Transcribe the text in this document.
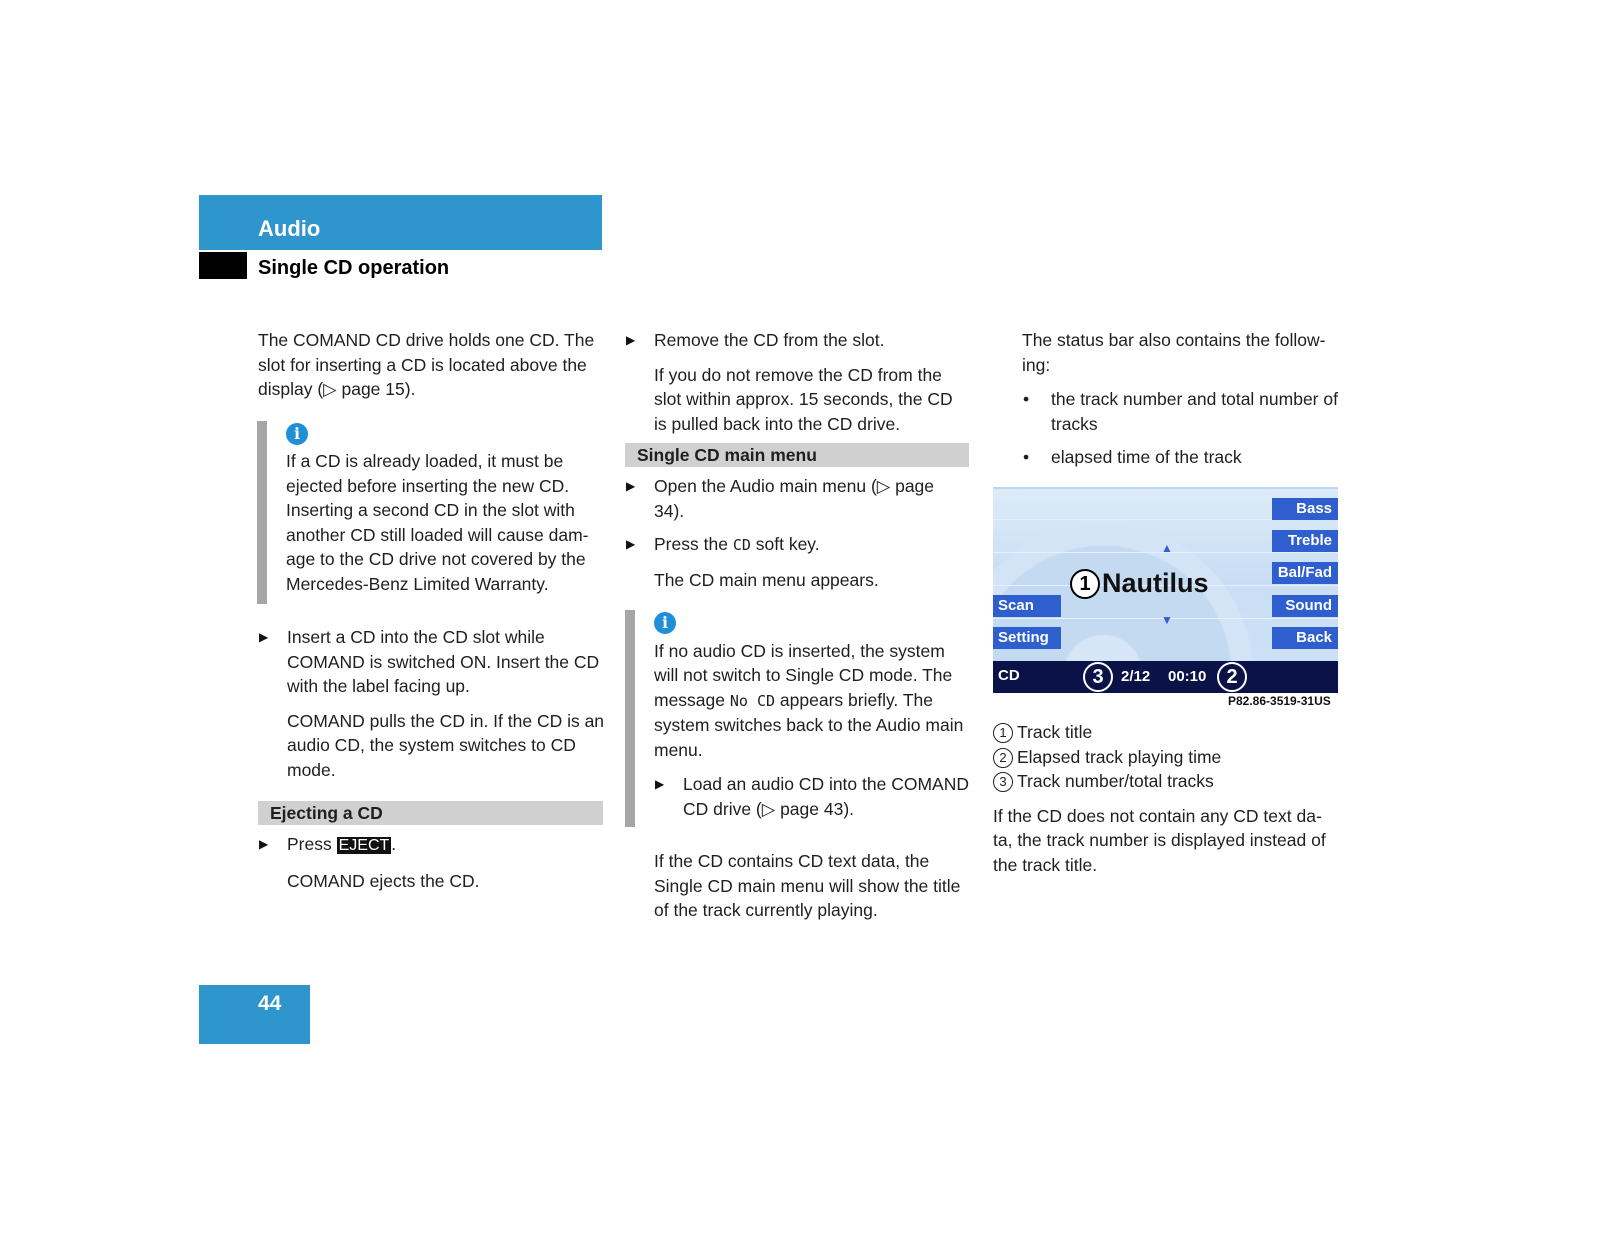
Audio
Single CD operation

The COMAND CD drive holds one CD. The slot for inserting a CD is located above the display (▷ page 15).

i

If a CD is already loaded, it must be ejected before inserting the new CD. Inserting a second CD in the slot with another CD still loaded will cause dam-age to the CD drive not covered by the Mercedes-Benz Limited Warranty.

▶ Insert a CD into the CD slot while COMAND is switched ON. Insert the CD with the label facing up.

COMAND pulls the CD in. If the CD is an audio CD, the system switches to CD mode.

Ejecting a CD
▶ Press EJECT .

COMAND ejects the CD.

▶ Remove the CD from the slot.

If you do not remove the CD from the slot within approx. 15 seconds, the CD is pulled back into the CD drive.

Single CD main menu
▶ Open the Audio main menu (▷ page 34).

▶ Press the CD soft key.

The CD main menu appears.

i

If no audio CD is inserted, the system will not switch to Single CD mode. The message No CD appears briefly. The system switches back to the Audio main menu.

▶ Load an audio CD into the COMAND CD drive (▷ page 43).

If the CD contains CD text data, the Single CD main menu will show the title of the track currently playing.

The status bar also contains the follow-ing:

• the track number and total number of tracks

• elapsed time of the track

Bass
Treble
Bal/Fad
Sound
Back
Scan
Setting
▲
▼
1 Nautilus
CD	3	2/12 00:10	2
P82.86-3519-31US
1 Track title
2 Elapsed track playing time
3 Track number/total tracks

If the CD does not contain any CD text da-ta, the track number is displayed instead of the track title.

44
